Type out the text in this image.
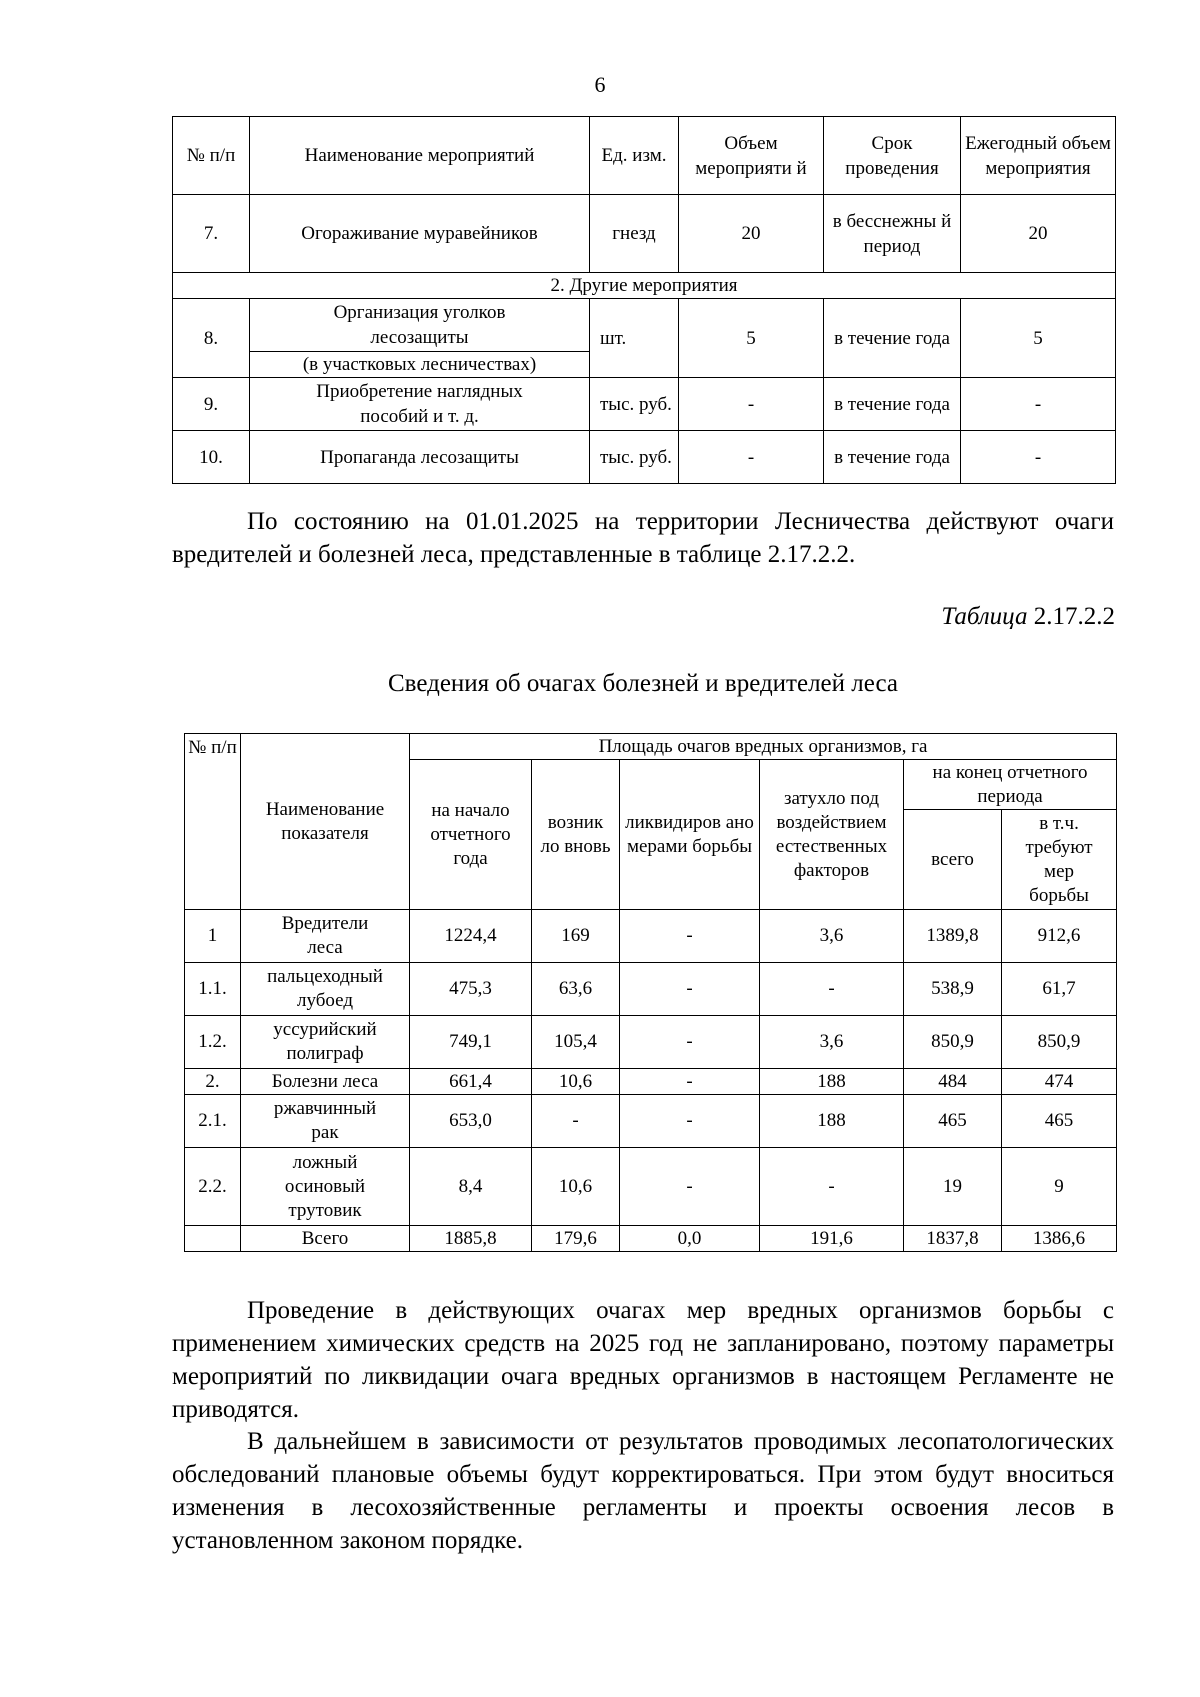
6
№ п/п	Наименование мероприятий	Ед. изм.	Объем мероприяти й	Срок проведения	Ежегодный объем мероприятия
7.	Огораживание муравейников	гнезд	20	в бесснежны й период	20
2. Другие мероприятия					
8.	Организация уголков лесозащиты	шт.	5	в течение года	5
	(в участковых лесничествах)				
9.	Приобретение наглядных пособий и т. д.	тыс. руб.	-	в течение года	-
10.	Пропаганда лесозащиты	тыс. руб.	-	в течение года	-
По состоянию на 01.01.2025 на территории Лесничества действуют очаги вредителей и болезней леса, представленные в таблице 2.17.2.2.
Таблица 2.17.2.2
Сведения об очагах болезней и вредителей леса
№ п/п	Наименование показателя	Площадь очагов вредных организмов, га					
		на начало отчетного года	возник ло вновь	ликвидиров ано мерами борьбы	затухло под воздействием естественных факторов	на конец отчетного периода	
						всего	в т.ч. требуют мер борьбы

1	Вредители леса	1224,4	169	-	3,6	1389,8	912,6
1.1.	пальцеходный лубоед	475,3	63,6	-	-	538,9	61,7
1.2.	уссурийский полиграф	749,1	105,4	-	3,6	850,9	850,9
2.	Болезни леса	661,4	10,6	-	188	484	474
2.1.	ржавчинный рак	653,0	-	-	188	465	465
2.2.	ложный осиновый трутовик	8,4	10,6	-	-	19	9
	Всего	1885,8	179,6	0,0	191,6	1837,8	1386,6
Проведение в действующих очагах мер вредных организмов борьбы с применением химических средств на 2025 год не запланировано, поэтому параметры мероприятий по ликвидации очага вредных организмов в настоящем Регламенте не приводятся.
В дальнейшем в зависимости от результатов проводимых лесопатологических обследований плановые объемы будут корректироваться. При этом будут вноситься изменения в лесохозяйственные регламенты и проекты освоения лесов в установленном законом порядке.
